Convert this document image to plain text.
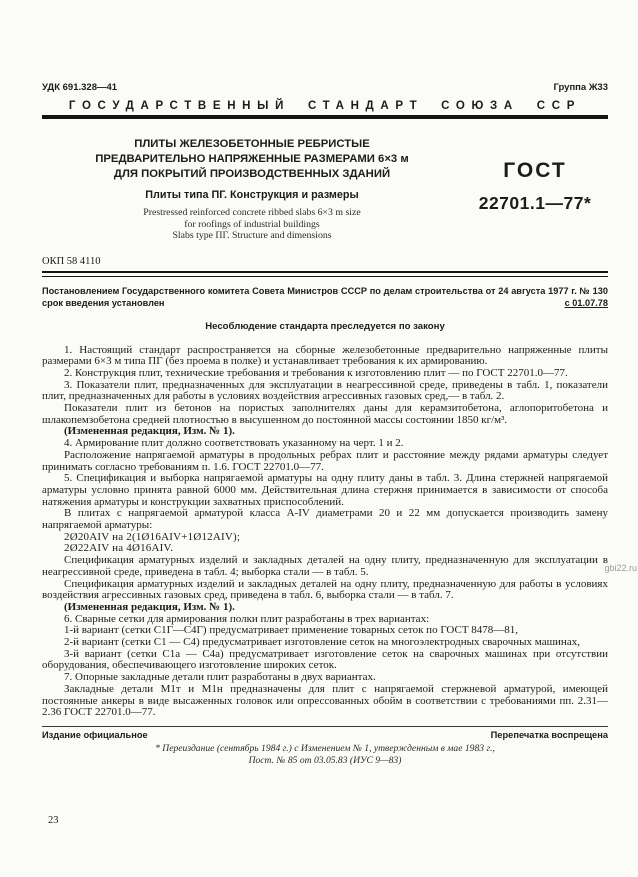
УДК 691.328—41	Группа Ж33
ГОСУДАРСТВЕННЫЙ СТАНДАРТ СОЮЗА ССР
ПЛИТЫ ЖЕЛЕЗОБЕТОННЫЕ РЕБРИСТЫЕ
ПРЕДВАРИТЕЛЬНО НАПРЯЖЕННЫЕ РАЗМЕРАМИ 6×3 м
ДЛЯ ПОКРЫТИЙ ПРОИЗВОДСТВЕННЫХ ЗДАНИЙ
Плиты типа ПГ. Конструкция и размеры
Prestressed reinforced concrete ribbed slabs 6×3 m size
for roofings of industrial buildings
Slabs type ПГ. Structure and dimensions
ГОСТ
22701.1—77*
ОКП 58 4110
Постановлением Государственного комитета Совета Министров СССР по делам строительства от 24 августа 1977 г. № 130
срок введения установлен	с 01.07.78
Несоблюдение стандарта преследуется по закону

1. Настоящий стандарт распространяется на сборные железобетонные предварительно напряженные плиты размерами 6×3 м типа ПГ (без проема в полке) и устанавливает требования к их армированию.

2. Конструкция плит, технические требования и требования к изготовлению плит — по ГОСТ 22701.0—77.

3. Показатели плит, предназначенных для эксплуатации в неагрессивной среде, приведены в табл. 1, показатели плит, предназначенных для работы в условиях воздействия агрессивных газовых сред,— в табл. 2.

Показатели плит из бетонов на пористых заполнителях даны для керамзитобетона, аглопоритобетона и шлакопемзобетона средней плотностью в высушенном до постоянной массы состоянии 1850 кг/м³.

(Измененная редакция, Изм. № 1).

4. Армирование плит должно соответствовать указанному на черт. 1 и 2.

Расположение напрягаемой арматуры в продольных ребрах плит и расстояние между рядами арматуры следует принимать согласно требованиям п. 1.6. ГОСТ 22701.0—77.

5. Спецификация и выборка напрягаемой арматуры на одну плиту даны в табл. 3. Длина стержней напрягаемой арматуры условно принята равной 6000 мм. Действительная длина стержня принимается в зависимости от способа натяжения арматуры и конструкции захватных приспособлений.

В плитах с напрягаемой арматурой класса А-IV диаметрами 20 и 22 мм допускается производить замену напрягаемой арматуры:

2Ø20АIV на 2(1Ø16АIV+1Ø12АIV);

2Ø22АIV на 4Ø16АIV.

Спецификация арматурных изделий и закладных деталей на одну плиту, предназначенную для эксплуатации в неагрессивной среде, приведена в табл. 4; выборка стали — в табл. 5.

Спецификация арматурных изделий и закладных деталей на одну плиту, предназначенную для работы в условиях воздействия агрессивных газовых сред, приведена в табл. 6, выборка стали — в табл. 7.

(Измененная редакция, Изм. № 1).

6. Сварные сетки для армирования полки плит разработаны в трех вариантах:

1-й вариант (сетки С1Г—С4Г) предусматривает применение товарных сеток по ГОСТ 8478—81,

2-й вариант (сетки С1 — С4) предусматривает изготовление сеток на многоэлектродных сварочных машинах,

3-й вариант (сетки С1а — С4а) предусматривает изготовление сеток на сварочных машинах при отсутствии оборудования, обеспечивающего изготовление широких сеток.

7. Опорные закладные детали плит разработаны в двух вариантах.

Закладные детали М1т и М1н предназначены для плит с напрягаемой стержневой арматурой, имеющей постоянные анкеры в виде высаженных головок или опрессованных обойм в соответствии с требованиями пп. 2.31—2.36 ГОСТ 22701.0—77.

Издание официальное	Перепечатка воспрещена
* Переиздание (сентябрь 1984 г.) с Изменением № 1, утвержденным в мае 1983 г.,
Пост. № 85 от 03.05.83 (ИУС 9—83)
23
gbi22.ru
